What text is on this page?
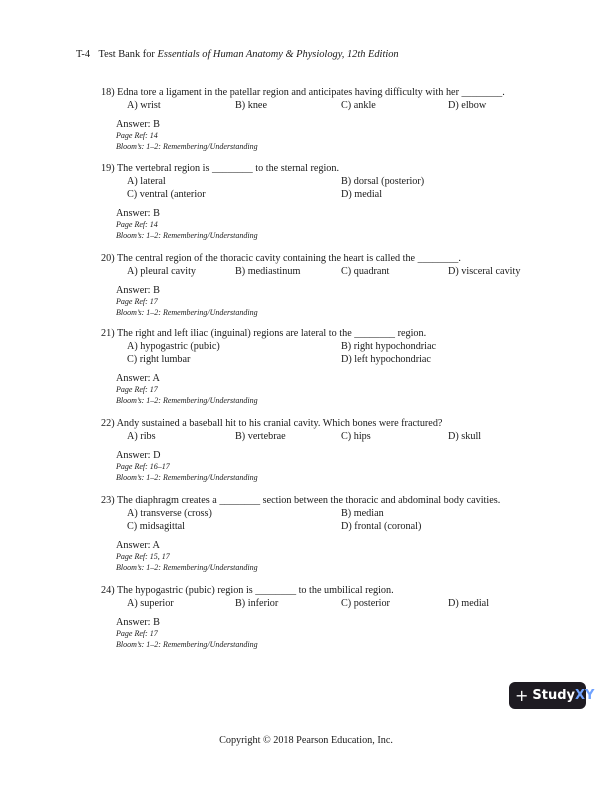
T-4 Test Bank for Essentials of Human Anatomy & Physiology, 12th Edition
18) Edna tore a ligament in the patellar region and anticipates having difficulty with her ________.
A) wrist	B) knee	C) ankle	D) elbow
Answer: B
Page Ref: 14
Bloom’s: 1–2: Remembering/Understanding
19) The vertebral region is ________ to the sternal region.
A) lateral	B) dorsal (posterior)
C) ventral (anterior	D) medial
Answer: B
Page Ref: 14
Bloom’s: 1–2: Remembering/Understanding
20) The central region of the thoracic cavity containing the heart is called the ________.
A) pleural cavity	B) mediastinum	C) quadrant	D) visceral cavity
Answer: B
Page Ref: 17
Bloom’s: 1–2: Remembering/Understanding
21) The right and left iliac (inguinal) regions are lateral to the ________ region.
A) hypogastric (pubic)	B) right hypochondriac
C) right lumbar	D) left hypochondriac
Answer: A
Page Ref: 17
Bloom’s: 1–2: Remembering/Understanding
22) Andy sustained a baseball hit to his cranial cavity. Which bones were fractured?
A) ribs	B) vertebrae	C) hips	D) skull
Answer: D
Page Ref: 16–17
Bloom’s: 1–2: Remembering/Understanding
23) The diaphragm creates a ________ section between the thoracic and abdominal body cavities.
A) transverse (cross)	B) median
C) midsagittal	D) frontal (coronal)
Answer: A
Page Ref: 15, 17
Bloom’s: 1–2: Remembering/Understanding
24) The hypogastric (pubic) region is ________ to the umbilical region.
A) superior	B) inferior	C) posterior	D) medial
Answer: B
Page Ref: 17
Bloom’s: 1–2: Remembering/Understanding
+ Study XY
Copyright © 2018 Pearson Education, Inc.
